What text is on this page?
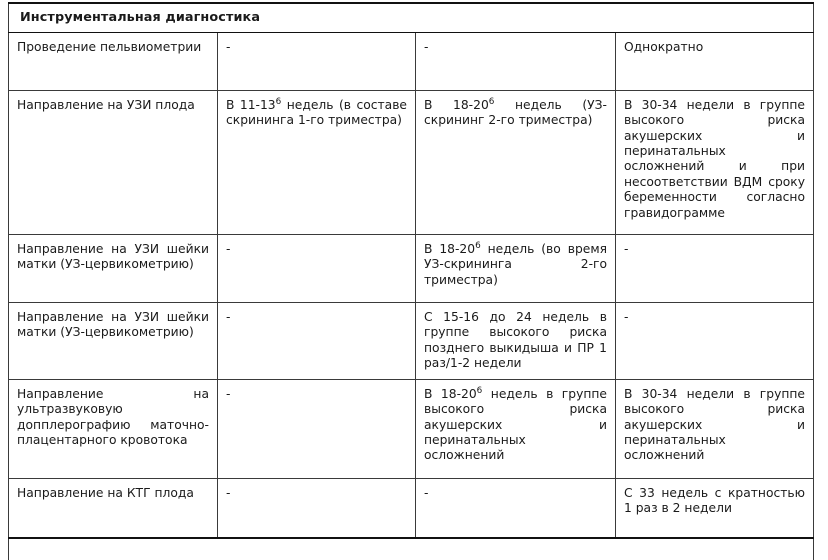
Инструментальная диагностика			
Проведение пельвиометрии	-	-	Однократно
Направление на УЗИ плода	В $11-13^6$ недель (в составе скрининга 1-го триместра)	В $18-20^6$ недель (УЗ-скрининг 2-го триместра)	В 30-34 недели в группе высокого риска акушерских и перинатальных осложнений и при несоответствии ВДМ сроку беременности согласно гравидограмме
Направление на УЗИ шейки матки (УЗ-цервикометрию)	-	В $18-20^6$ недель (во время УЗ-скрининга 2-го триместра)	-
Направление на УЗИ шейки матки (УЗ-цервикометрию)	-	С 15-16 до 24 недель в группе высокого риска позднего выкидыша и ПР 1 раз/1-2 недели	-
Направление на ультразвуковую допплерографию маточно-плацентарного кровотока	-	В $18-20^6$ недель в группе высокого риска акушерских и перинатальных осложнений	В 30-34 недели в группе высокого риска акушерских и перинатальных осложнений
Направление на КТГ плода	-	-	С 33 недель с кратностью 1 раз в 2 недели
